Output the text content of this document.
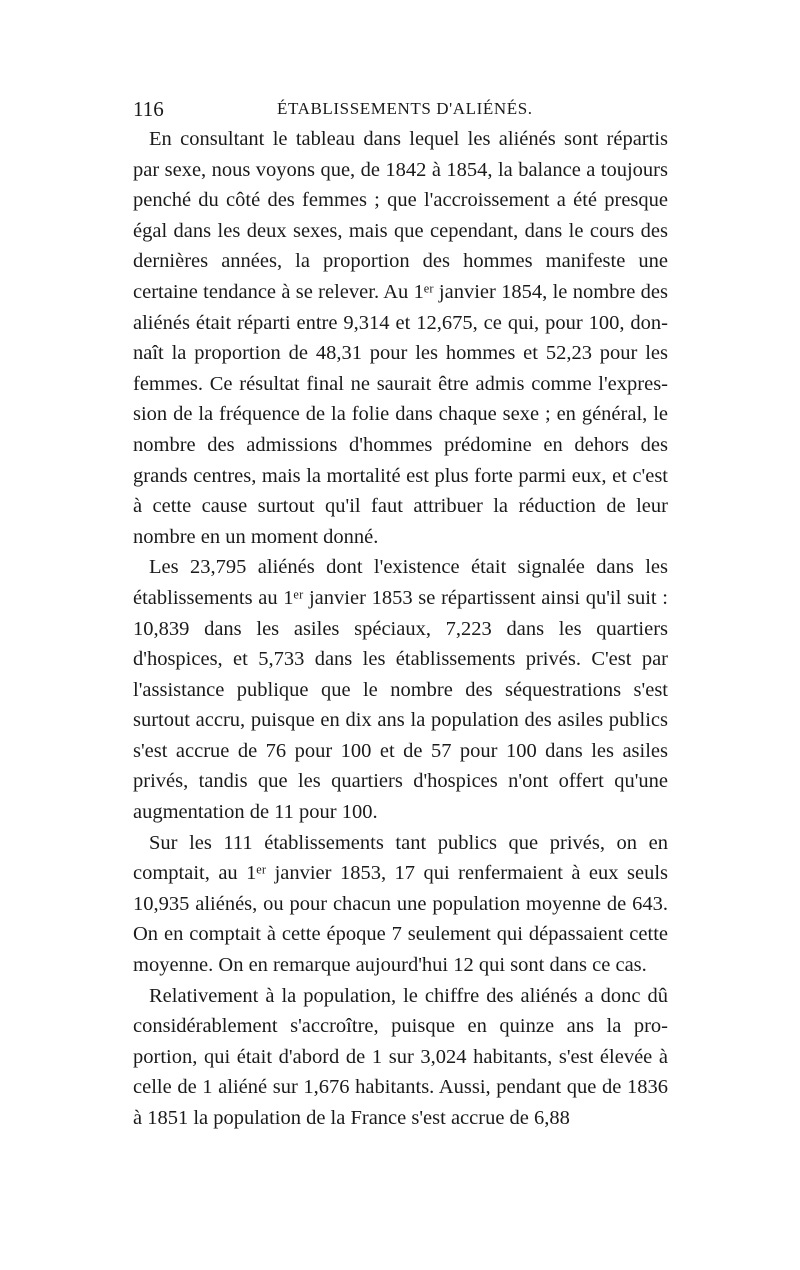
116	ÉTABLISSEMENTS D'ALIÉNÉS.

En consultant le tableau dans lequel les aliénés sont répartis par sexe, nous voyons que, de 1842 à 1854, la balance a toujours penché du côté des femmes ; que l'accroissement a été presque égal dans les deux sexes, mais que cependant, dans le cours des dernières années, la proportion des hommes manifeste une certaine tendance à se relever. Au 1ᵉʳ janvier 1854, le nombre des aliénés était réparti entre 9,314 et 12,675, ce qui, pour 100, donnaît la proportion de 48,31 pour les hommes et 52,23 pour les femmes. Ce résultat final ne saurait être admis comme l'expression de la fréquence de la folie dans chaque sexe ; en général, le nombre des admissions d'hommes prédomine en dehors des grands centres, mais la mortalité est plus forte parmi eux, et c'est à cette cause surtout qu'il faut attribuer la réduction de leur nombre en un moment donné.

Les 23,795 aliénés dont l'existence était signalée dans les établissements au 1ᵉʳ janvier 1853 se répartissent ainsi qu'il suit : 10,839 dans les asiles spéciaux, 7,223 dans les quartiers d'hospices, et 5,733 dans les établissements privés. C'est par l'assistance publique que le nombre des séquestrations s'est surtout accru, puisque en dix ans la population des asiles publics s'est accrue de 76 pour 100 et de 57 pour 100 dans les asiles privés, tandis que les quartiers d'hospices n'ont offert qu'une augmentation de 11 pour 100.

Sur les 111 établissements tant publics que privés, on en comptait, au 1ᵉʳ janvier 1853, 17 qui renfermaient à eux seuls 10,935 aliénés, ou pour chacun une population moyenne de 643. On en comptait à cette époque 7 seulement qui dépassaient cette moyenne. On en remarque aujourd'hui 12 qui sont dans ce cas.

Relativement à la population, le chiffre des aliénés a donc dû considérablement s'accroître, puisque en quinze ans la proportion, qui était d'abord de 1 sur 3,024 habitants, s'est élevée à celle de 1 aliéné sur 1,676 habitants. Aussi, pendant que de 1836 à 1851 la population de la France s'est accrue de 6,88
